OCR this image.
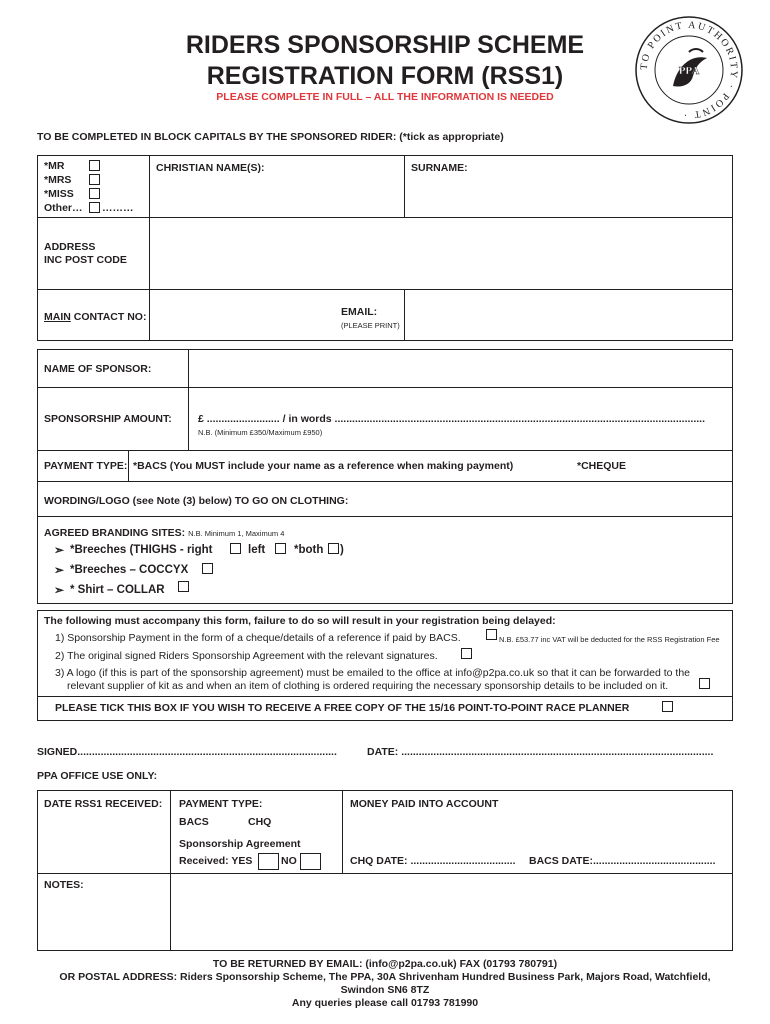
RIDERS SPONSORSHIP SCHEME
REGISTRATION FORM (RSS1)
PLEASE COMPLETE IN FULL – ALL THE INFORMATION IS NEEDED
TO POINT AUTHORITY · POINT ·
PPA
TO BE COMPLETED IN BLOCK CAPITALS BY THE SPONSORED RIDER: (*tick as appropriate)
*MR
*MRS
*MISS
Other… ………
CHRISTIAN NAME(S):	SURNAME:
ADDRESS
INC POST CODE
MAIN CONTACT NO:	EMAIL:
(PLEASE PRINT)
NAME OF SPONSOR:
SPONSORSHIP AMOUNT: £ ......................... / in words ...............................................................................................................................
N.B. (Minimum £350/Maximum £950)
PAYMENT TYPE: *BACS (You MUST include your name as a reference when making payment)	*CHEQUE
WORDING/LOGO (see Note (3) below) TO GO ON CLOTHING:
AGREED BRANDING SITES: N.B. Minimum 1, Maximum 4
➣ *Breeches (THIGHS - right	left	*both )
➣ *Breeches – COCCYX
➣ * Shirt – COLLAR
The following must accompany this form, failure to do so will result in your registration being delayed:
1) Sponsorship Payment in the form of a cheque/details of a reference if paid by BACS.	N.B. £53.77 inc VAT will be deducted for the RSS Registration Fee
2) The original signed Riders Sponsorship Agreement with the relevant signatures.
3) A logo (if this is part of the sponsorship agreement) must be emailed to the office at info@p2pa.co.uk so that it can be forwarded to the
relevant supplier of kit as and when an item of clothing is ordered requiring the necessary sponsorship details to be included on it.
PLEASE TICK THIS BOX IF YOU WISH TO RECEIVE A FREE COPY OF THE 15/16 POINT-TO-POINT RACE PLANNER
SIGNED.........................................................................................	DATE: ...........................................................................................................
PPA OFFICE USE ONLY:
DATE RSS1 RECEIVED: PAYMENT TYPE:	MONEY PAID INTO ACCOUNT
BACS	CHQ
Sponsorship Agreement
Received: YES	NO	CHQ DATE: .................................... BACS DATE:..........................................
NOTES:
TO BE RETURNED BY EMAIL: (info@p2pa.co.uk) FAX (01793 780791)
OR POSTAL ADDRESS: Riders Sponsorship Scheme, The PPA, 30A Shrivenham Hundred Business Park, Majors Road, Watchfield,
Swindon SN6 8TZ
Any queries please call 01793 781990
